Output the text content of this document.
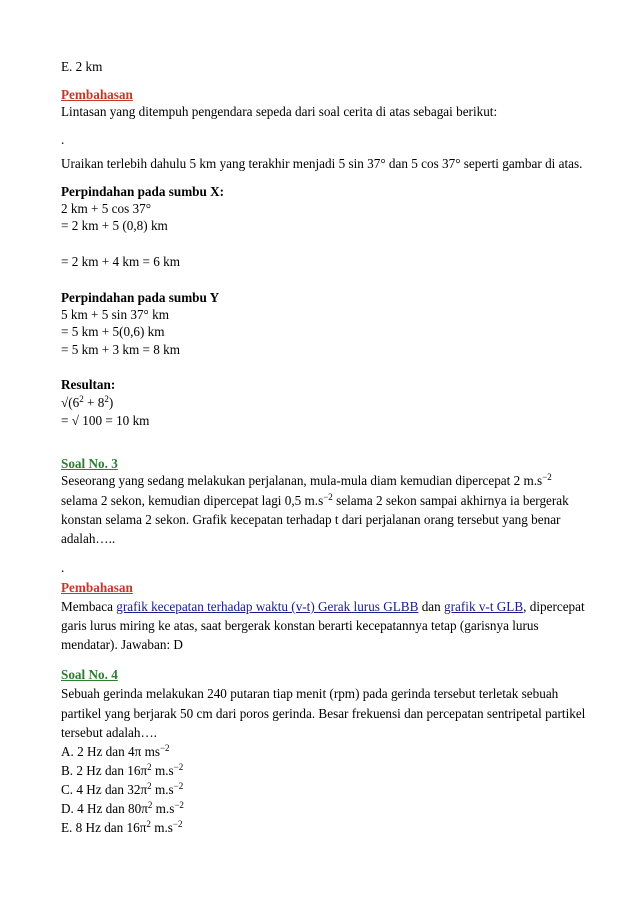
E. 2 km
Pembahasan
Lintasan yang ditempuh pengendara sepeda dari soal cerita di atas sebagai berikut:
.
Uraikan terlebih dahulu 5 km yang terakhir menjadi 5 sin 37° dan 5 cos 37° seperti gambar di atas.
Perpindahan pada sumbu X:
2 km + 5 cos 37°
= 2 km + 5 (0,8) km
= 2 km + 4 km = 6 km
Perpindahan pada sumbu Y
5 km + 5 sin 37° km
= 5 km + 5(0,6) km
= 5 km + 3 km = 8 km
Resultan:
$√(6^2 + 8^2)$
= √ 100 = 10 km
Soal No. 3
Seseorang yang sedang melakukan perjalanan, mula-mula diam kemudian dipercepat 2 $m.s^{-2}$
selama 2 sekon, kemudian dipercepat lagi 0,5 $m.s^{-2}$ selama 2 sekon sampai akhirnya ia bergerak
konstan selama 2 sekon. Grafik kecepatan terhadap t dari perjalanan orang tersebut yang benar
adalah…..
.
Pembahasan
Membaca grafik kecepatan terhadap waktu (v-t) Gerak lurus GLBB dan grafik v-t GLB, dipercepat
garis lurus miring ke atas, saat bergerak konstan berarti kecepatannya tetap (garisnya lurus
mendatar). Jawaban: D
Soal No. 4
Sebuah gerinda melakukan 240 putaran tiap menit (rpm) pada gerinda tersebut terletak sebuah
partikel yang berjarak 50 cm dari poros gerinda. Besar frekuensi dan percepatan sentripetal partikel
tersebut adalah….
A. 2 Hz dan 4π $ms^{-2}$
B. 2 Hz dan $16\pi^2$ $m.s^{-2}$
C. 4 Hz dan $32\pi^2$ $m.s^{-2}$
D. 4 Hz dan $80\pi^2$ $m.s^{-2}$
E. 8 Hz dan $16\pi^2$ $m.s^{-2}$
